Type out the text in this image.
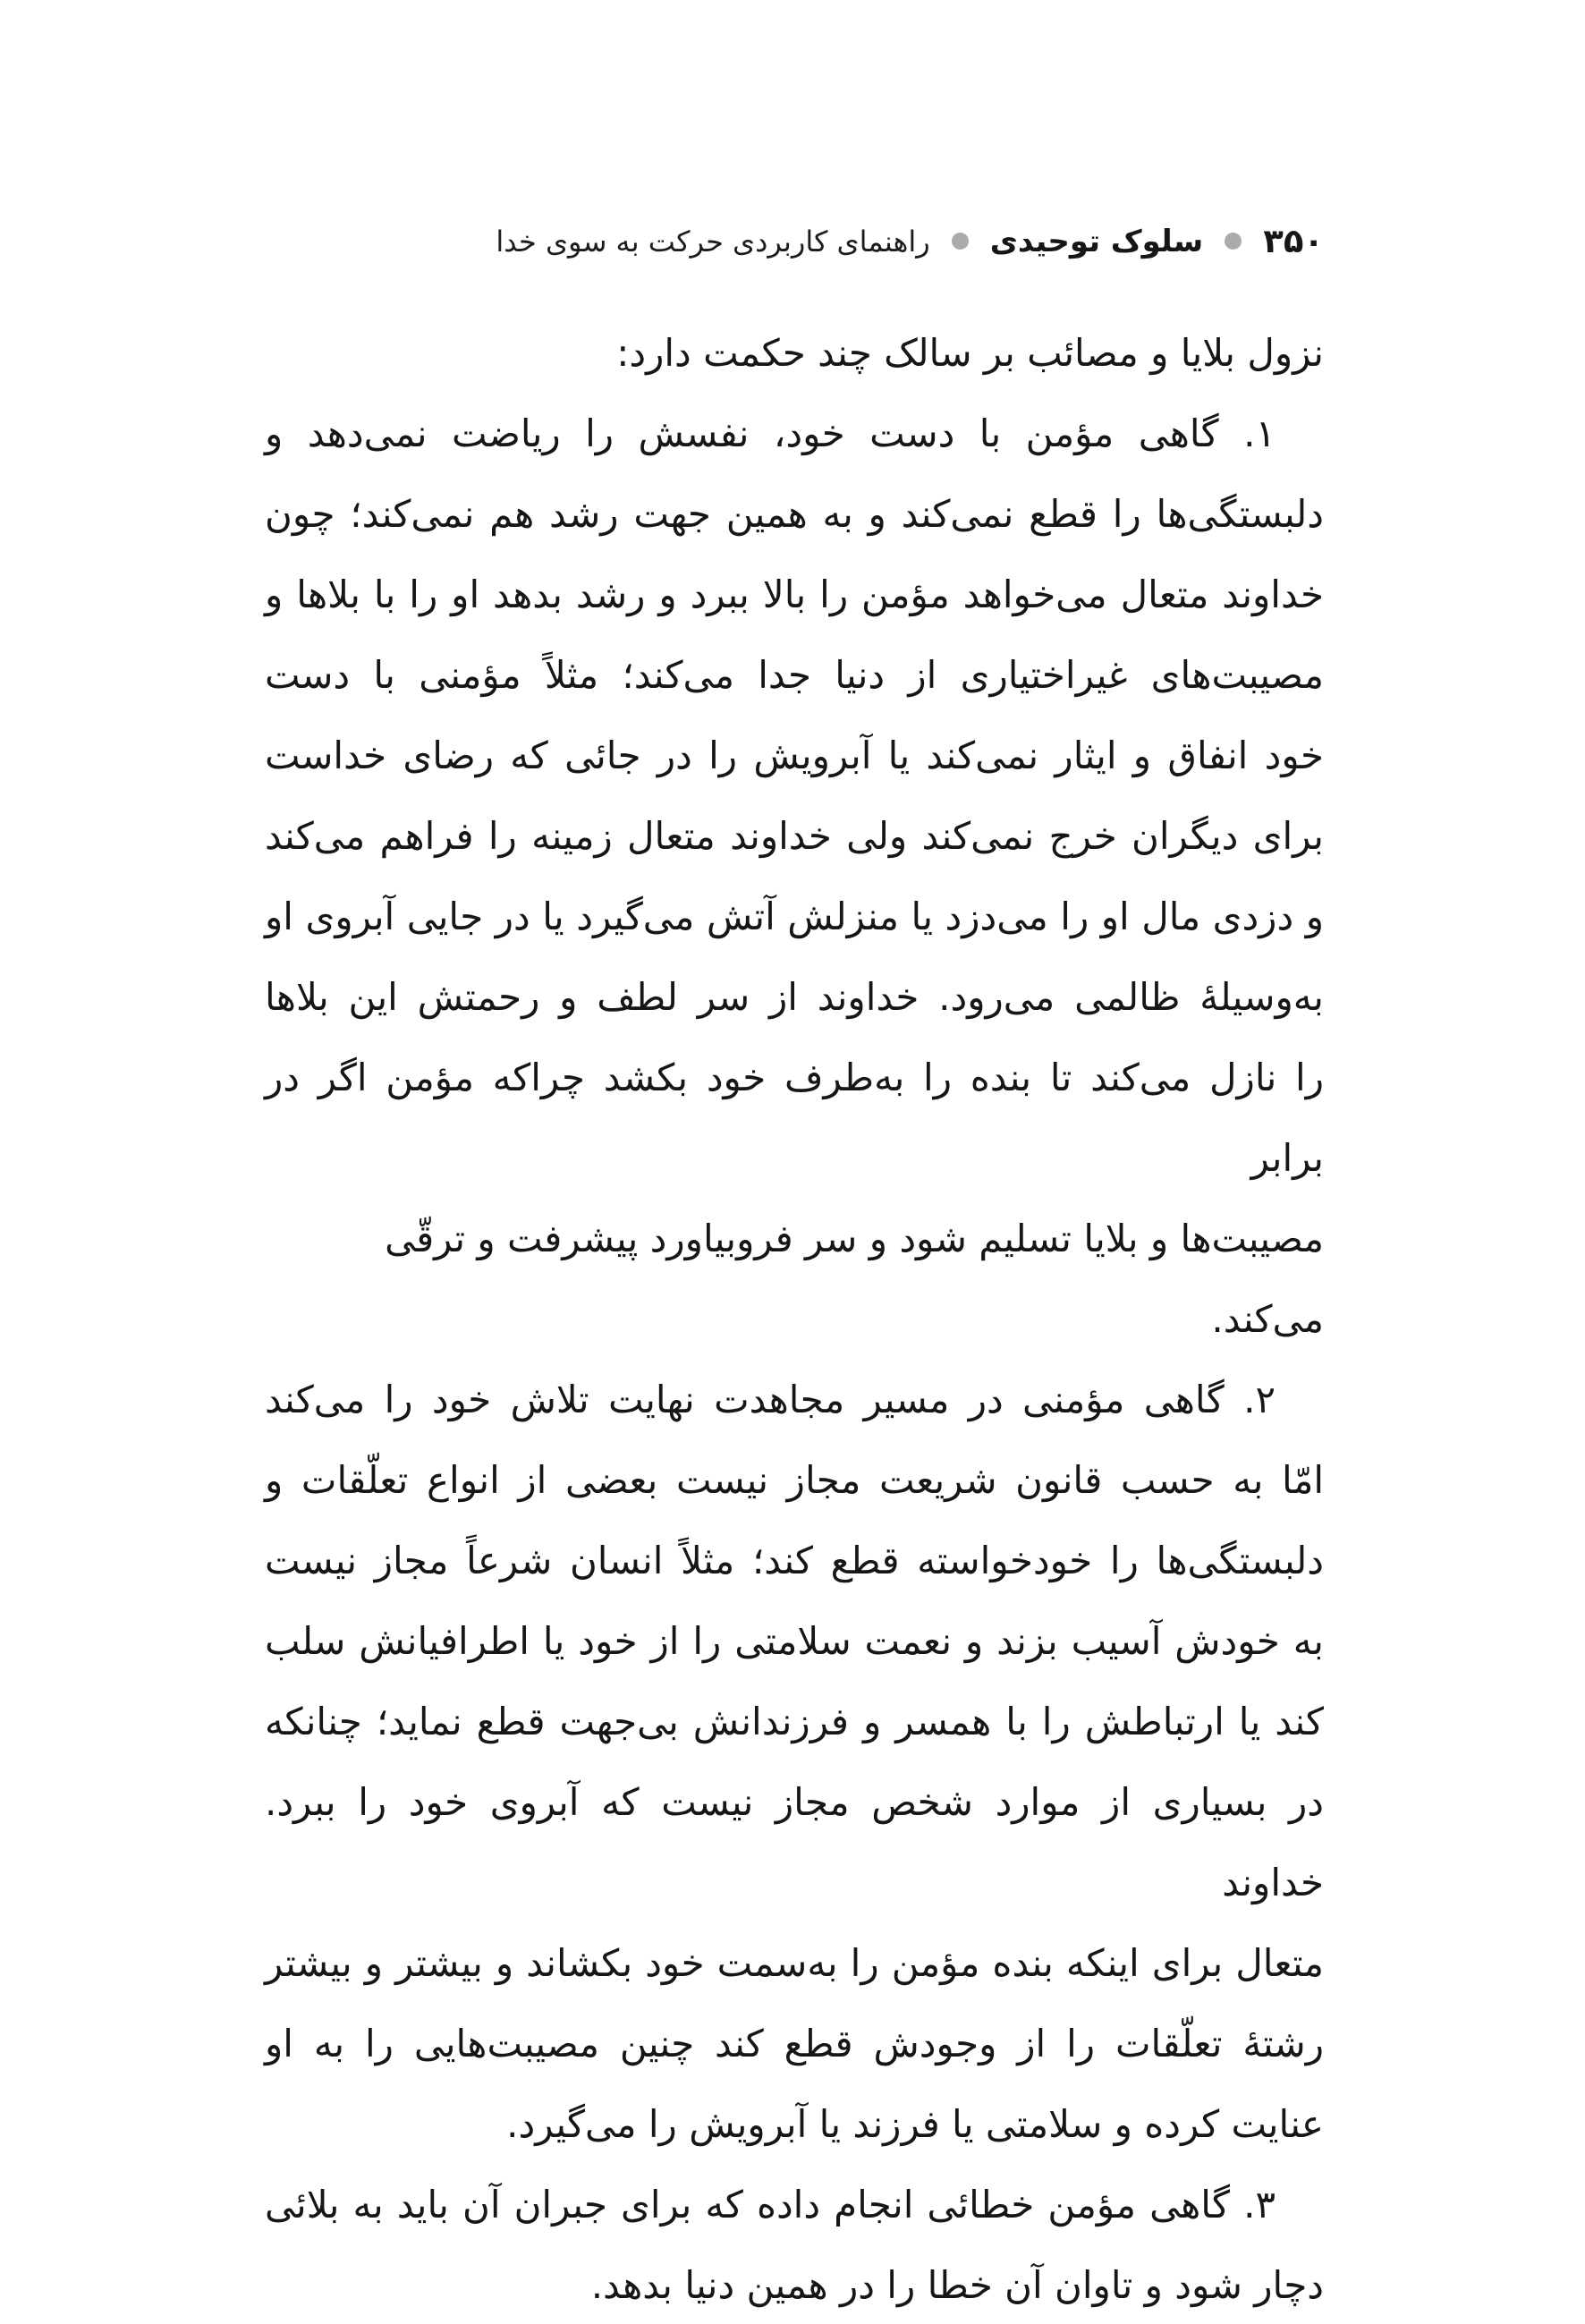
۳۵۰
سلوک توحیدی
راهنمای کاربردی حرکت به سوی خدا
نزول بلایا و مصائب بر سالک چند حکمت دارد:
۱. گاهی مؤمن با دست خود، نفسش را ریاضت نمی‌دهد و
دلبستگی‌ها را قطع نمی‌کند و به همین جهت رشد هم نمی‌کند؛ چون
خداوند متعال می‌خواهد مؤمن را بالا ببرد و رشد بدهد او را با بلاها و
مصیبت‌های غیراختیاری از دنیا جدا می‌کند؛ مثلاً مؤمنی با دست
خود انفاق و ایثار نمی‌کند یا آبرویش را در جائی که رضای خداست
برای دیگران خرج نمی‌کند ولی خداوند متعال زمینه را فراهم می‌کند
و دزدی مال او را می‌دزد یا منزلش آتش می‌گیرد یا در جایی آبروی او
به‌وسیلۀ ظالمی می‌رود. خداوند از سر لطف و رحمتش این بلاها
را نازل می‌کند تا بنده را به‌طرف خود بکشد چراکه مؤمن اگر در برابر
مصیبت‌ها و بلایا تسلیم شود و سر فروبیاورد پیشرفت و ترقّی می‌کند.
۲. گاهی مؤمنی در مسیر مجاهدت نهایت تلاش خود را می‌کند
امّا به حسب قانون شریعت مجاز نیست بعضی از انواع تعلّقات و
دلبستگی‌ها را خودخواسته قطع کند؛ مثلاً انسان شرعاً مجاز نیست
به خودش آسیب بزند و نعمت سلامتی را از خود یا اطرافیانش سلب
کند یا ارتباطش را با همسر و فرزندانش بی‌جهت قطع نماید؛ چنانکه
در بسیاری از موارد شخص مجاز نیست که آبروی خود را ببرد. خداوند
متعال برای اینکه بنده مؤمن را به‌سمت خود بکشاند و بیشتر و بیشتر
رشتۀ تعلّقات را از وجودش قطع کند چنین مصیبت‌هایی را به او
عنایت کرده و سلامتی یا فرزند یا آبرویش را می‌گیرد.
۳. گاهی مؤمن خطائی انجام داده که برای جبران آن باید به بلائی
دچار شود و تاوان آن خطا را در همین دنیا بدهد.
